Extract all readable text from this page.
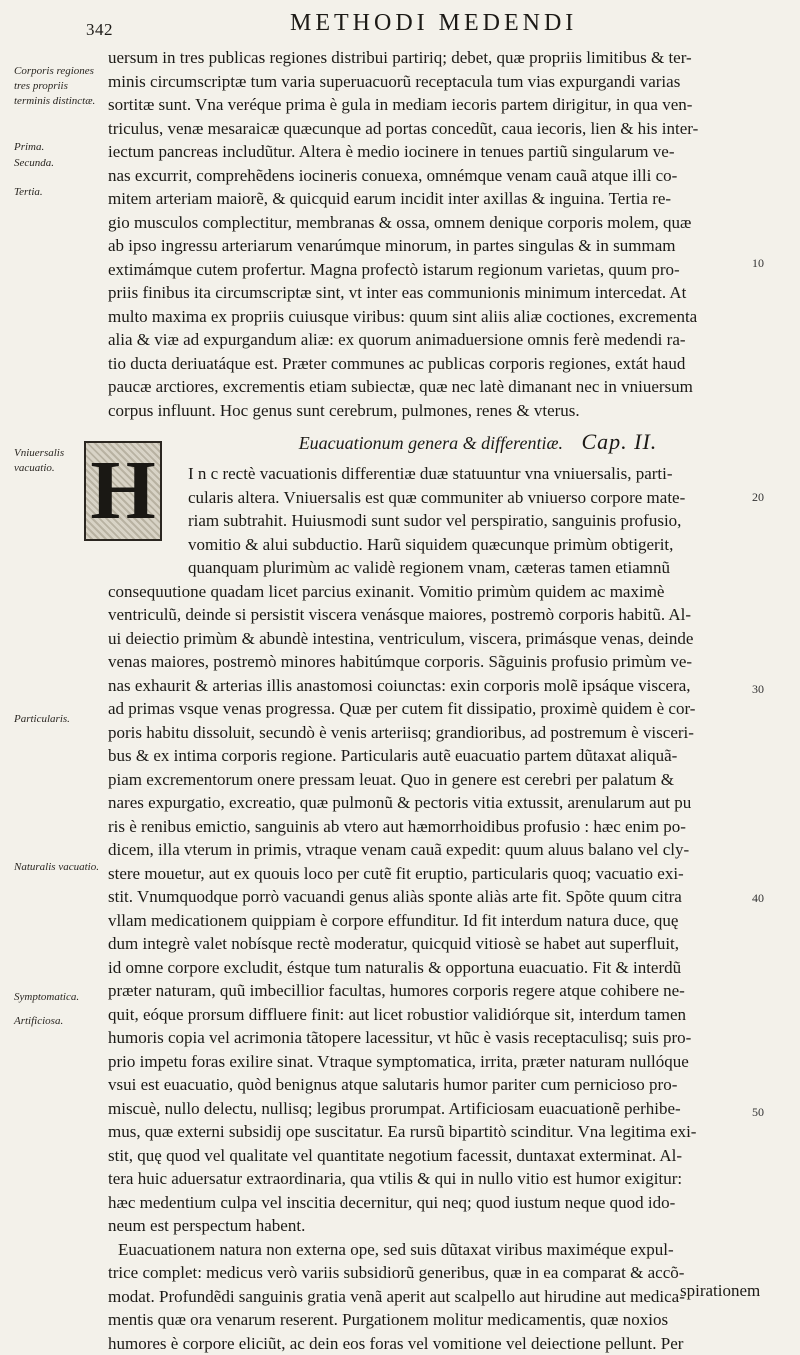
342	METHODI MEDENDI
Corporis regiones tres propriis terminis distinctæ.
Prima.
Secunda.
Tertia.
Vniuersalis vacuatio.
Particularis.
Naturalis vacuatio.
Symptomatica.
Artificiosa.
10
20
30
40
50
H
uersum in tres publicas regiones distribui partiriq; debet, quæ propriis limitibus & ter-
minis circumscriptæ tum varia superuacuorũ receptacula tum vias expurgandi varias
sortitæ sunt. Vna veréque prima è gula in mediam iecoris partem dirigitur, in qua ven-
triculus, venæ mesaraicæ quæcunque ad portas concedũt, caua iecoris, lien & his inter-
iectum pancreas includũtur. Altera è medio iocinere in tenues partiũ singularum ve-
nas excurrit, comprehẽdens iocineris conuexa, omnémque venam cauã atque illi co-
mitem arteriam maiorẽ, & quicquid earum incidit inter axillas & inguina. Tertia re-
gio musculos complectitur, membranas & ossa, omnem denique corporis molem, quæ
ab ipso ingressu arteriarum venarúmque minorum, in partes singulas & in summam
extimámque cutem profertur. Magna profectò istarum regionum varietas, quum pro-
priis finibus ita circumscriptæ sint, vt inter eas communionis minimum intercedat. At
multo maxima ex propriis cuiusque viribus: quum sint aliis aliæ coctiones, excrementa
alia & viæ ad expurgandum aliæ: ex quorum animaduersione omnis ferè medendi ra-
tio ducta deriuatáque est. Præter communes ac publicas corporis regiones, extát haud
paucæ arctiores, excrementis etiam subiectæ, quæ nec latè dimanant nec in vniuersum
corpus influunt. Hoc genus sunt cerebrum, pulmones, renes & vterus.
Euacuationum genera & differentiæ. Cap. II.
I n c rectè vacuationis differentiæ duæ statuuntur vna vniuersalis, parti-
cularis altera. Vniuersalis est quæ communiter ab vniuerso corpore mate-
riam subtrahit. Huiusmodi sunt sudor vel perspiratio, sanguinis profusio,
vomitio & alui subductio. Harũ siquidem quæcunque primùm obtigerit,
quanquam plurimùm ac validè regionem vnam, cæteras tamen etiamnũ
consequutione quadam licet parcius exinanit. Vomitio primùm quidem ac maximè
ventriculũ, deinde si persistit viscera venásque maiores, postremò corporis habitũ. Al-
ui deiectio primùm & abundè intestina, ventriculum, viscera, primásque venas, deinde
venas maiores, postremò minores habitúmque corporis. Sãguinis profusio primùm ve-
nas exhaurit & arterias illis anastomosi coiunctas: exin corporis molẽ ipsáque viscera,
ad primas vsque venas progressa. Quæ per cutem fit dissipatio, proximè quidem è cor-
poris habitu dissoluit, secundò è venis arteriisq; grandioribus, ad postremum è visceri-
bus & ex intima corporis regione. Particularis autẽ euacuatio partem dũtaxat aliquã-
piam excrementorum onere pressam leuat. Quo in genere est cerebri per palatum &
nares expurgatio, excreatio, quæ pulmonũ & pectoris vitia extussit, arenularum aut pu
ris è renibus emictio, sanguinis ab vtero aut hæmorrhoidibus profusio : hæc enim po-
dicem, illa vterum in primis, vtraque venam cauã expedit: quum aluus balano vel cly-
stere mouetur, aut ex quouis loco per cutẽ fit eruptio, particularis quoq; vacuatio exi-
stit. Vnumquodque porrò vacuandi genus aliàs sponte aliàs arte fit. Spõte quum citra
vllam medicationem quippiam è corpore effunditur. Id fit interdum natura duce, quę
dum integrè valet nobísque rectè moderatur, quicquid vitiosè se habet aut superfluit,
id omne corpore excludit, éstque tum naturalis & opportuna euacuatio. Fit & interdũ
præter naturam, quũ imbecillior facultas, humores corporis regere atque cohibere ne-
quit, eóque prorsum diffluere finit: aut licet robustior validiórque sit, interdum tamen
humoris copia vel acrimonia tãtopere lacessitur, vt hũc è vasis receptaculisq; suis pro-
prio impetu foras exilire sinat. Vtraque symptomatica, irrita, præter naturam nullóque
vsui est euacuatio, quòd benignus atque salutaris humor pariter cum pernicioso pro-
miscuè, nullo delectu, nullisq; legibus prorumpat. Artificiosam euacuationẽ perhibe-
mus, quæ externi subsidij ope suscitatur. Ea rursũ bipartitò scinditur. Vna legitima exi-
stit, quę quod vel qualitate vel quantitate negotium facessit, duntaxat exterminat. Al-
tera huic aduersatur extraordinaria, qua vtilis & qui in nullo vitio est humor exigitur:
hæc medentium culpa vel inscitia decernitur, qui neq; quod iustum neque quod ido-
neum est perspectum habent.
Euacuationem natura non externa ope, sed suis dũtaxat viribus maximéque expul-
trice complet: medicus verò variis subsidiorũ generibus, quæ in ea comparat & accõ-
modat. Profundẽdi sanguinis gratia venã aperit aut scalpello aut hirudine aut medica-
mentis quæ ora venarum reserent. Purgationem molitur medicamentis, quæ noxios
humores è corpore eliciũt, ac dein eos foras vel vomitione vel deiectione pellunt. Per
spirationem
